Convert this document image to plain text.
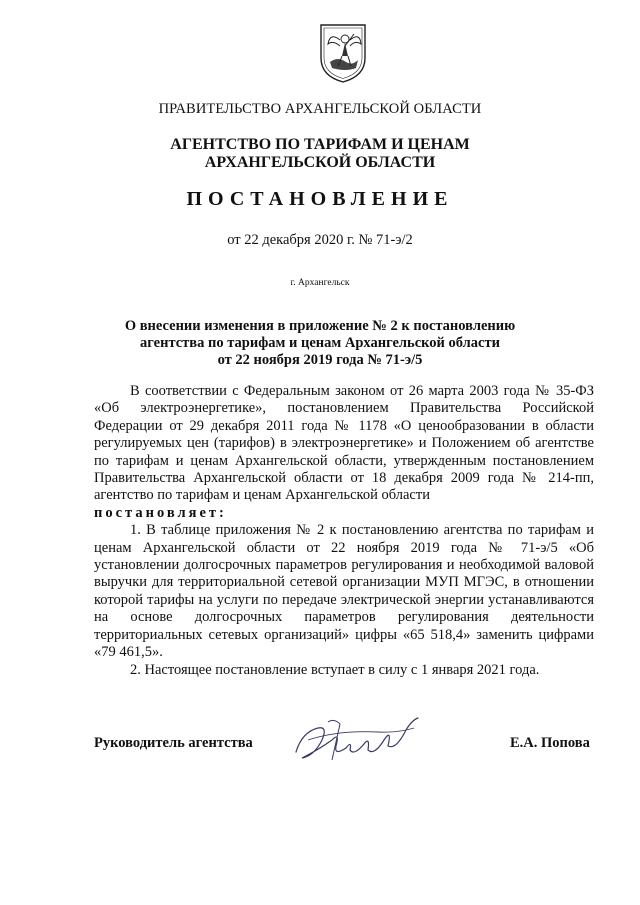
ПРАВИТЕЛЬСТВО АРХАНГЕЛЬСКОЙ ОБЛАСТИ
АГЕНТСТВО ПО ТАРИФАМ И ЦЕНАМ
АРХАНГЕЛЬСКОЙ ОБЛАСТИ
ПОСТАНОВЛЕНИЕ
от 22 декабря 2020 г. № 71-э/2
г. Архангельск
О внесении изменения в приложение № 2 к постановлению
агентства по тарифам и ценам Архангельской области
от 22 ноября 2019 года № 71-э/5

В соответствии с Федеральным законом от 26 марта 2003 года № 35-ФЗ «Об электроэнергетике», постановлением Правительства Российской Федерации от 29 декабря 2011 года № 1178 «О ценообразовании в области регулируемых цен (тарифов) в электроэнергетике» и Положением об агентстве по тарифам и ценам Архангельской области, утвержденным постановлением Правительства Архангельской области от 18 декабря 2009 года № 214-пп, агентство по тарифам и ценам Архангельской области

постановляет:

1. В таблице приложения № 2 к постановлению агентства по тарифам и ценам Архангельской области от 22 ноября 2019 года № 71-э/5 «Об установлении долгосрочных параметров регулирования и необходимой валовой выручки для территориальной сетевой организации МУП МГЭС, в отношении которой тарифы на услуги по передаче электрической энергии устанавливаются на основе долгосрочных параметров регулирования деятельности территориальных сетевых организаций» цифры «65 518,4» заменить цифрами «79 461,5».

2. Настоящее постановление вступает в силу с 1 января 2021 года.

Руководитель агентства	Е.А. Попова
